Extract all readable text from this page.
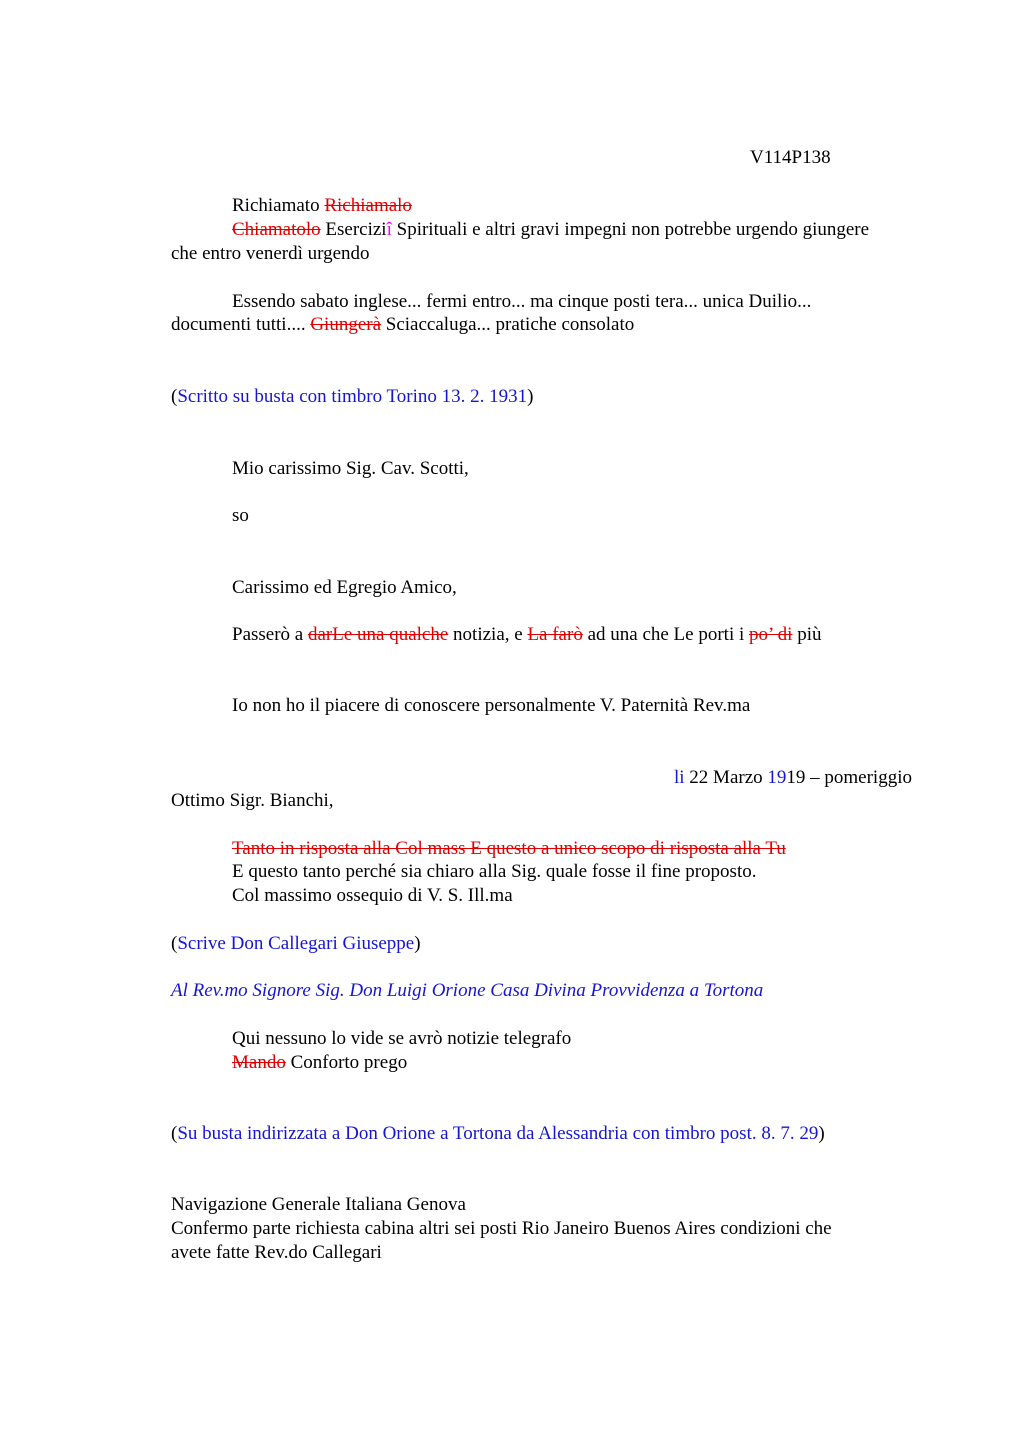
V114P138
Richiamato Richiamalo
Chiamatolo Eserciziî Spirituali e altri gravi impegni non potrebbe urgendo giungere
che entro venerdì urgendo
Essendo sabato inglese... fermi entro... ma cinque posti tera... unica Duilio...
documenti tutti.... Giungerà Sciaccaluga... pratiche consolato
(Scritto su busta con timbro Torino 13. 2. 1931)
Mio carissimo Sig. Cav. Scotti,
so
Carissimo ed Egregio Amico,
Passerò a darLe una qualche notizia, e La farò ad una che Le porti i po’ di più
Io non ho il piacere di conoscere personalmente V. Paternità Rev.ma
li 22 Marzo 1919 – pomeriggio
Ottimo Sigr. Bianchi,
Tanto in risposta alla Col mass E questo a unico scopo di risposta alla Tu
E questo tanto perché sia chiaro alla Sig. quale fosse il fine proposto.
Col massimo ossequio di V. S. Ill.ma
(Scrive Don Callegari Giuseppe)
Al Rev.mo Signore Sig. Don Luigi Orione Casa Divina Provvidenza a Tortona
Qui nessuno lo vide se avrò notizie telegrafo
Mando Conforto prego
(Su busta indirizzata a Don Orione a Tortona da Alessandria con timbro post. 8. 7. 29)
Navigazione Generale Italiana Genova
Confermo parte richiesta cabina altri sei posti Rio Janeiro Buenos Aires condizioni che
avete fatte Rev.do Callegari
